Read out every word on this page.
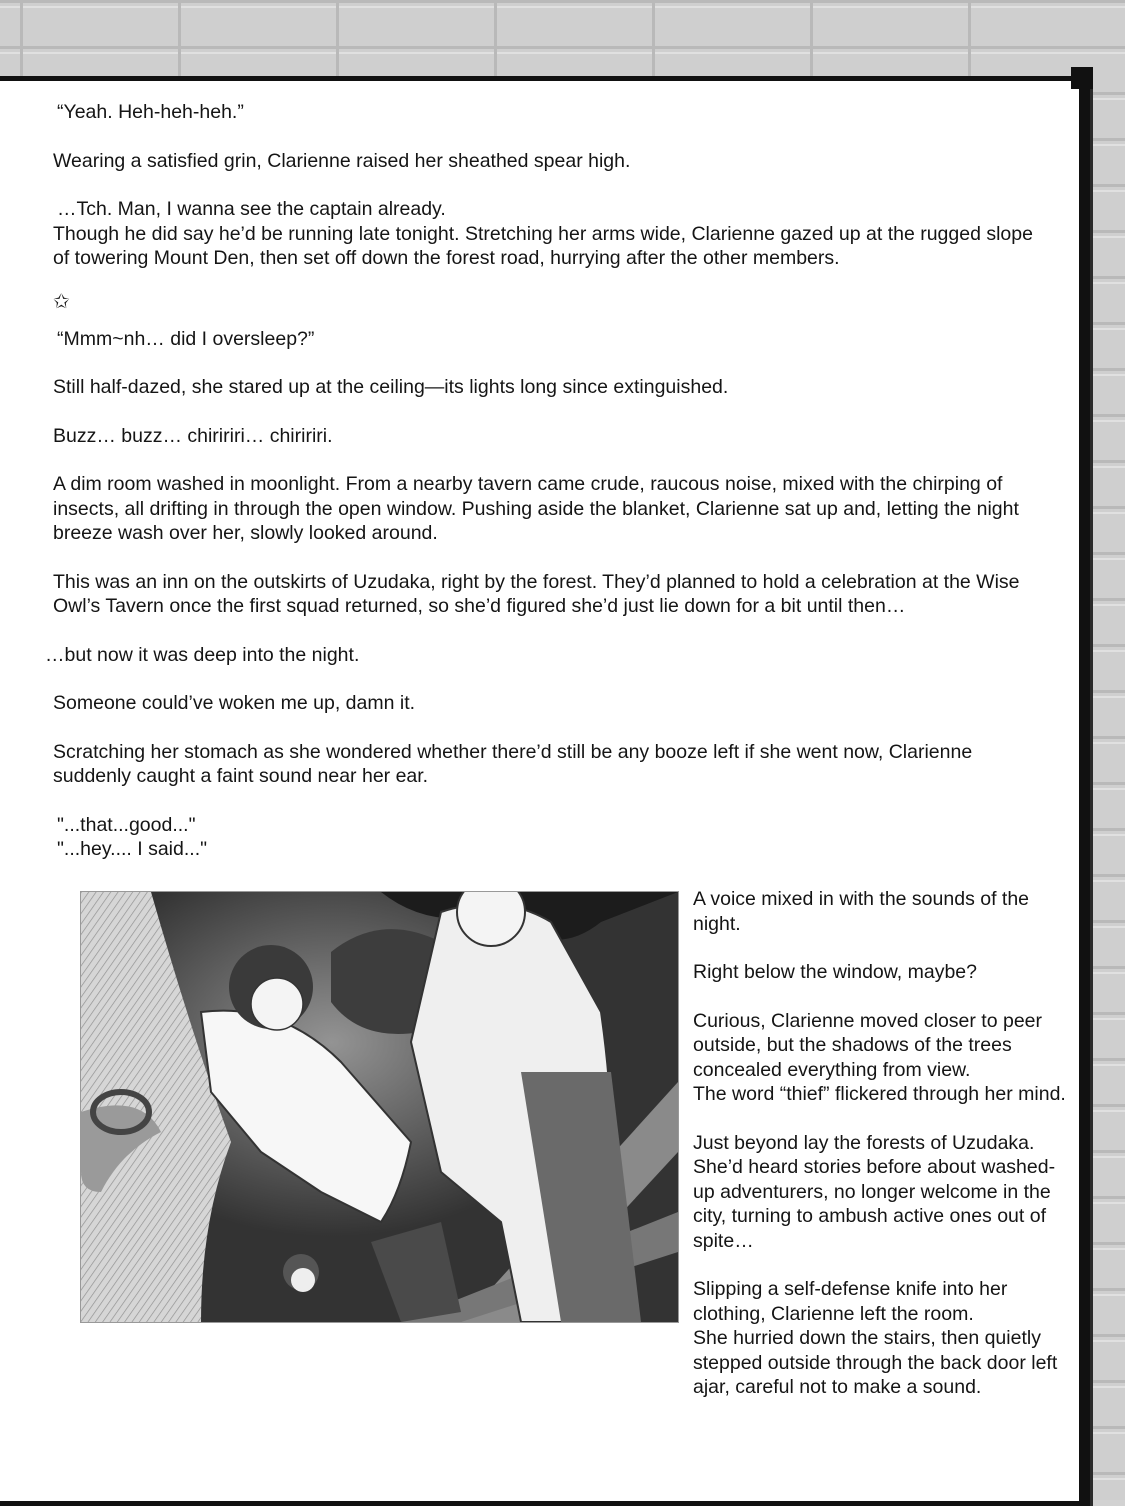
“Yeah. Heh-heh-heh.”

Wearing a satisfied grin, Clarienne raised her sheathed spear high.

…Tch. Man, I wanna see the captain already.
Though he did say he’d be running late tonight. Stretching her arms wide, Clarienne gazed up at the rugged slope of towering Mount Den, then set off down the forest road, hurrying after the other members.

✩

“Mmm~nh… did I oversleep?”

Still half-dazed, she stared up at the ceiling—its lights long since extinguished.

Buzz… buzz… chiririri… chiririri.

A dim room washed in moonlight. From a nearby tavern came crude, raucous noise, mixed with the chirping of insects, all drifting in through the open window. Pushing aside the blanket, Clarienne sat up and, letting the night breeze wash over her, slowly looked around.

This was an inn on the outskirts of Uzudaka, right by the forest. They’d planned to hold a celebration at the Wise Owl’s Tavern once the first squad returned, so she’d figured she’d just lie down for a bit until then…

…but now it was deep into the night.

Someone could’ve woken me up, damn it.

Scratching her stomach as she wondered whether there’d still be any booze left if she went now, Clarienne suddenly caught a faint sound near her ear.

"...that...good..."
"...hey.... I said..."

A voice mixed in with the sounds of the night.

Right below the window, maybe?

Curious, Clarienne moved closer to peer outside, but the shadows of the trees concealed everything from view.
The word “thief” flickered through her mind.

Just beyond lay the forests of Uzudaka. She’d heard stories before about washed-up adventurers, no longer welcome in the city, turning to ambush active ones out of spite…

Slipping a self-defense knife into her clothing, Clarienne left the room.
She hurried down the stairs, then quietly stepped outside through the back door left ajar, careful not to make a sound.
